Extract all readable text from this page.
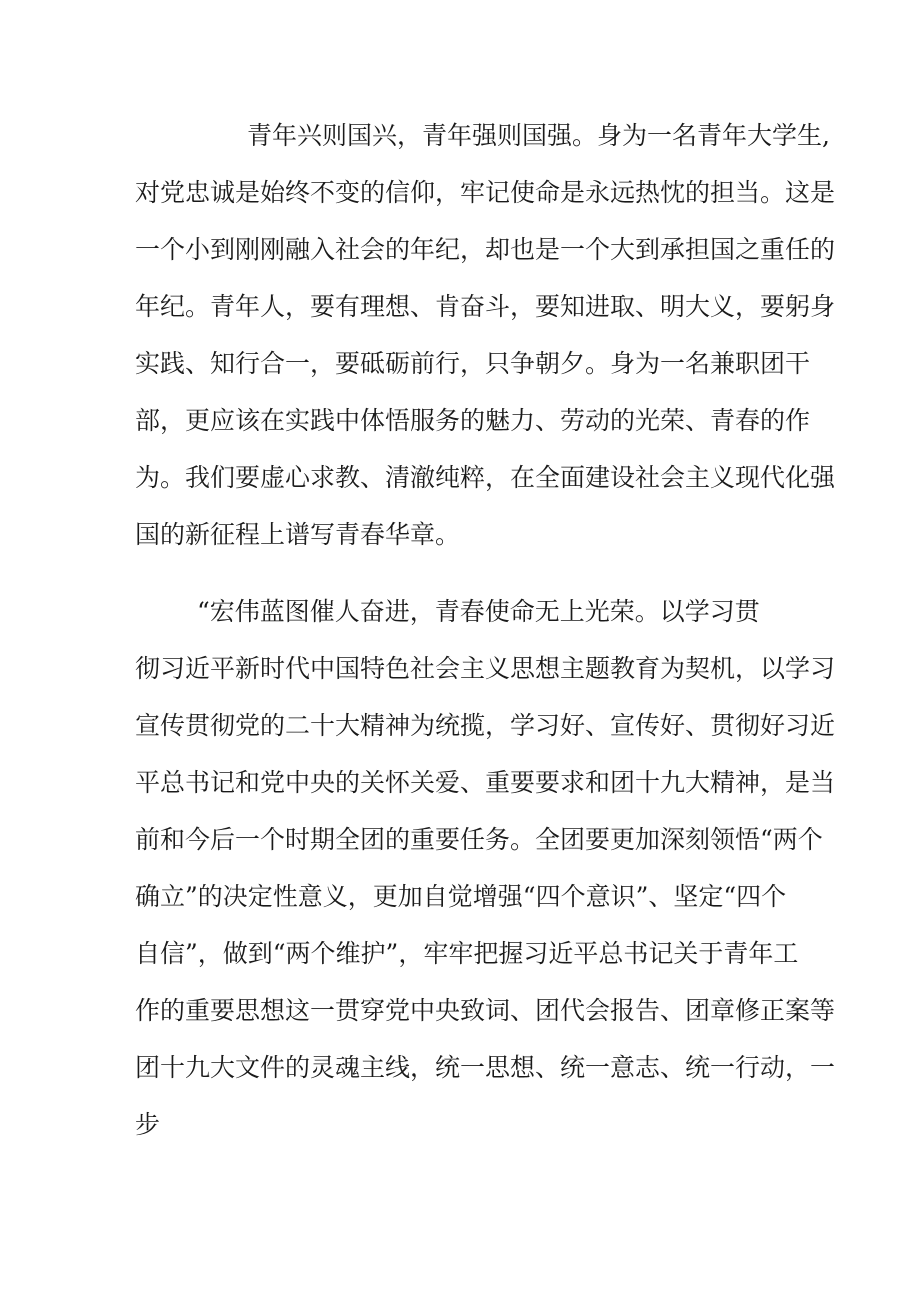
青年兴则国兴，青年强则国强。身为一名青年大学生,

对党忠诚是始终不变的信仰，牢记使命是永远热忱的担当。这是

一个小到刚刚融入社会的年纪，却也是一个大到承担国之重任的

年纪。青年人，要有理想、肯奋斗，要知进取、明大义，要躬身

实践、知行合一，要砥砺前行，只争朝夕。身为一名兼职团干

部，更应该在实践中体悟服务的魅力、劳动的光荣、青春的作

为。我们要虚心求教、清澈纯粹，在全面建设社会主义现代化强

国的新征程上谱写青春华章。

“宏伟蓝图催人奋进，青春使命无上光荣。以学习贯

彻习近平新时代中国特色社会主义思想主题教育为契机，以学习

宣传贯彻党的二十大精神为统揽，学习好、宣传好、贯彻好习近

平总书记和党中央的关怀关爱、重要要求和团十九大精神，是当

前和今后一个时期全团的重要任务。全团要更加深刻领悟“两个

确立”的决定性意义，更加自觉增强“四个意识”、坚定“四个

自信”，做到“两个维护”，牢牢把握习近平总书记关于青年工

作的重要思想这一贯穿党中央致词、团代会报告、团章修正案等

团十九大文件的灵魂主线，统一思想、统一意志、统一行动，一

步
